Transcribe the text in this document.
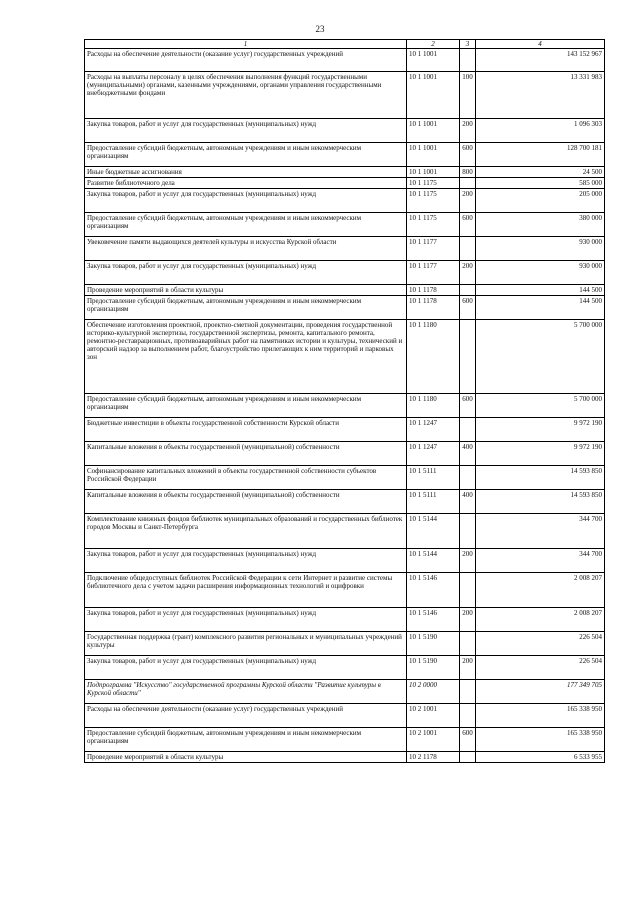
23
1	2	3	4
Расходы на обеспечение деятельности (оказание услуг) государственных учреждений	10 1 1001		143 152 967
Расходы на выплаты персоналу в целях обеспечения выполнения функций государственными (муниципальными) органами, казенными учреждениями, органами управления государственными внебюджетными фондами	10 1 1001	100	13 331 983
Закупка товаров, работ и услуг для государственных (муниципальных) нужд	10 1 1001	200	1 096 303
Предоставление субсидий бюджетным, автономным учреждениям и иным некоммерческим организациям	10 1 1001	600	128 700 181
Иные бюджетные ассигнования	10 1 1001	800	24 500
Развитие библиотечного дела	10 1 1175		585 000
Закупка товаров, работ и услуг для государственных (муниципальных) нужд	10 1 1175	200	205 000
Предоставление субсидий бюджетным, автономным учреждениям и иным некоммерческим организациям	10 1 1175	600	380 000
Увековечение памяти выдающихся деятелей культуры и искусства Курской области	10 1 1177		930 000
Закупка товаров, работ и услуг для государственных (муниципальных) нужд	10 1 1177	200	930 000
Проведение мероприятий в области культуры	10 1 1178		144 500
Предоставление субсидий бюджетным, автономным учреждениям и иным некоммерческим организациям	10 1 1178	600	144 500
Обеспечение изготовления проектной, проектно-сметной документации, проведения государственной историко-культурной экспертизы, государственной экспертизы, ремонта, капитального ремонта, ремонтно-реставрационных, противоаварийных работ на памятниках истории и культуры, технический и авторский надзор за выполнением работ, благоустройство прилегающих к ним территорий и парковых зон	10 1 1180		5 700 000
Предоставление субсидий бюджетным, автономным учреждениям и иным некоммерческим организациям	10 1 1180	600	5 700 000
Бюджетные инвестиции в объекты государственной собственности Курской области	10 1 1247		9 972 190
Капитальные вложения в объекты государственной (муниципальной) собственности	10 1 1247	400	9 972 190
Софинансирование капитальных вложений в объекты государственной собственности субъектов Российской Федерации	10 1 5111		14 593 850
Капитальные вложения в объекты государственной (муниципальной) собственности	10 1 5111	400	14 593 850
Комплектование книжных фондов библиотек муниципальных образований и государственных библиотек городов Москвы и Санкт-Петербурга	10 1 5144		344 700
Закупка товаров, работ и услуг для государственных (муниципальных) нужд	10 1 5144	200	344 700
Подключение общедоступных библиотек Российской Федерации к сети Интернет и развитие системы библиотечного дела с учетом задачи расширения информационных технологий и оцифровки	10 1 5146		2 008 207
Закупка товаров, работ и услуг для государственных (муниципальных) нужд	10 1 5146	200	2 008 207
Государственная поддержка (грант) комплексного развития региональных и муниципальных учреждений культуры	10 1 5190		226 504
Закупка товаров, работ и услуг для государственных (муниципальных) нужд	10 1 5190	200	226 504
Подпрограмма "Искусство" государственной программы Курской области "Развитие культуры в Курской области"	10 2 0000		177 349 705
Расходы на обеспечение деятельности (оказание услуг) государственных учреждений	10 2 1001		165 338 950
Предоставление субсидий бюджетным, автономным учреждениям и иным некоммерческим организациям	10 2 1001	600	165 338 950
Проведение мероприятий в области культуры	10 2 1178		6 533 955
